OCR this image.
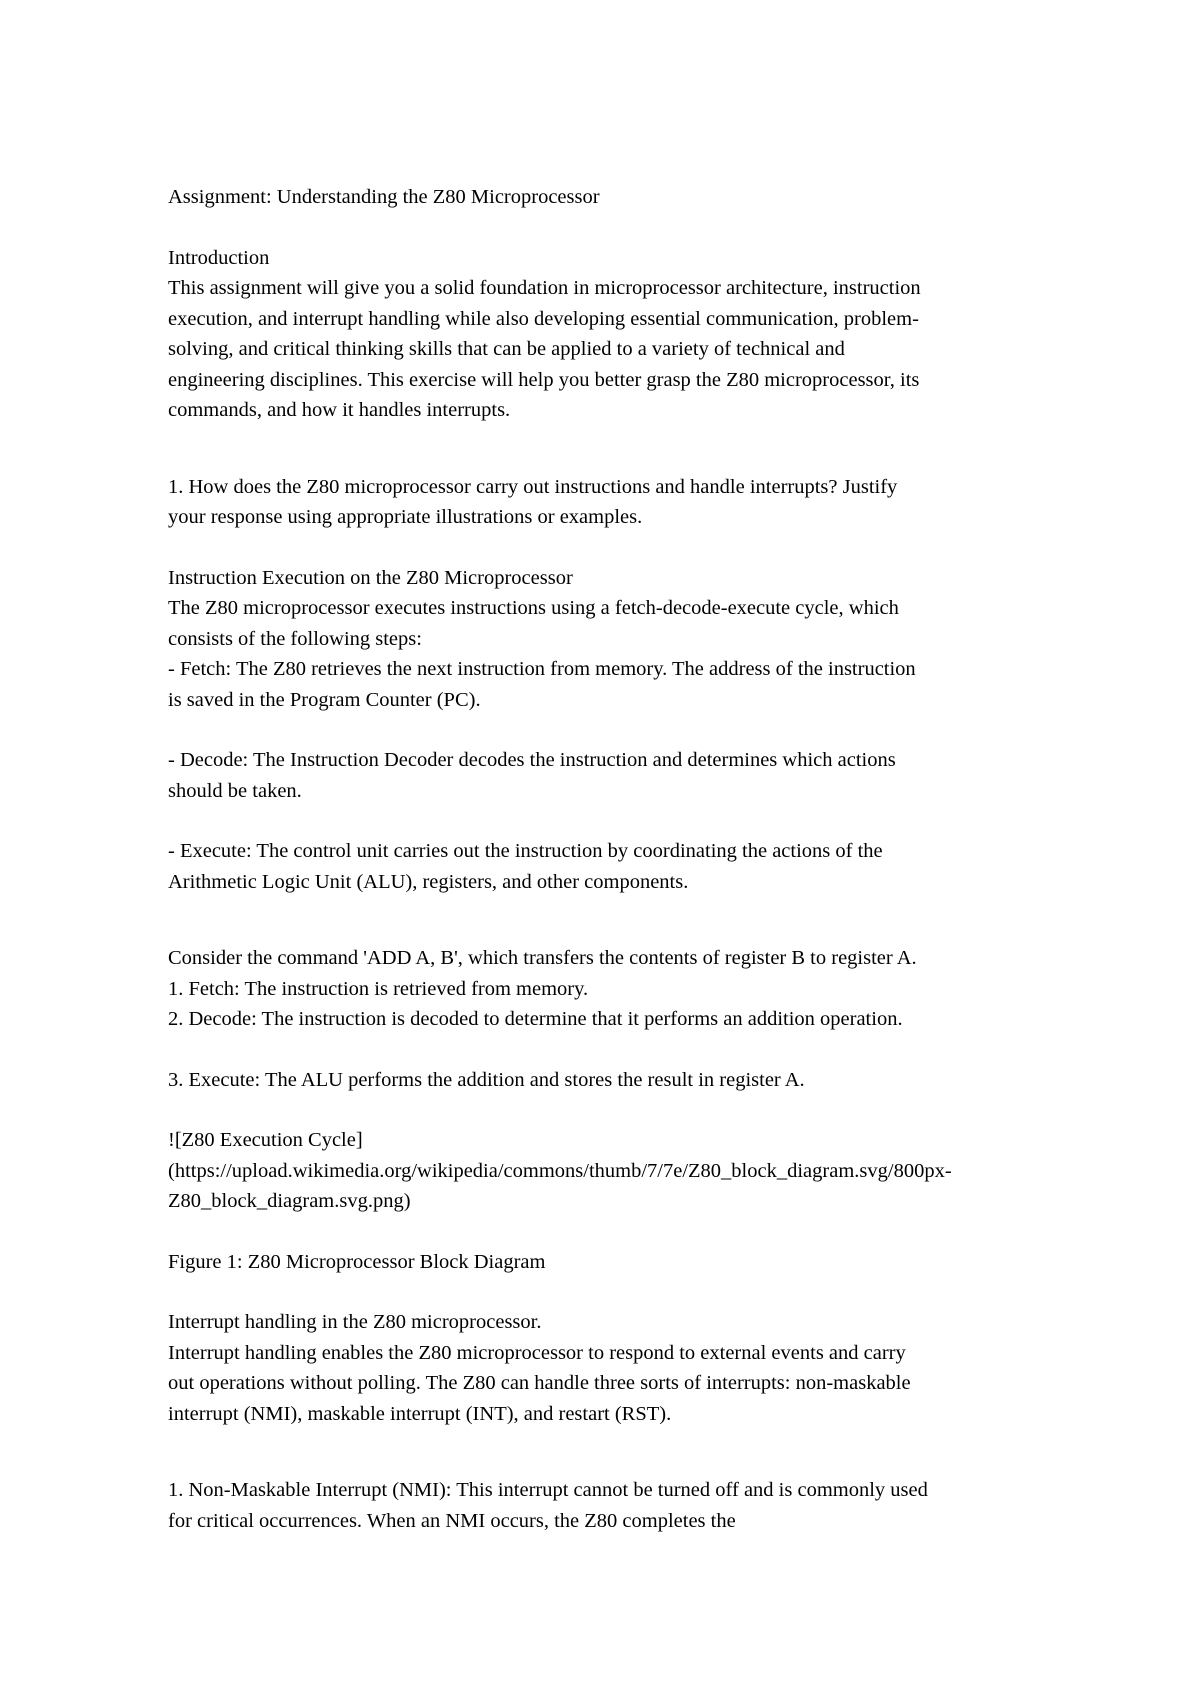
Assignment: Understanding the Z80 Microprocessor

Introduction

This assignment will give you a solid foundation in microprocessor architecture, instruction execution, and interrupt handling while also developing essential communication, problem-solving, and critical thinking skills that can be applied to a variety of technical and engineering disciplines. This exercise will help you better grasp the Z80 microprocessor, its commands, and how it handles interrupts.

1. How does the Z80 microprocessor carry out instructions and handle interrupts? Justify your response using appropriate illustrations or examples.

Instruction Execution on the Z80 Microprocessor

The Z80 microprocessor executes instructions using a fetch-decode-execute cycle, which consists of the following steps:

- Fetch: The Z80 retrieves the next instruction from memory. The address of the instruction is saved in the Program Counter (PC).

- Decode: The Instruction Decoder decodes the instruction and determines which actions should be taken.

- Execute: The control unit carries out the instruction by coordinating the actions of the Arithmetic Logic Unit (ALU), registers, and other components.

Consider the command 'ADD A, B', which transfers the contents of register B to register A.

1. Fetch: The instruction is retrieved from memory.

2. Decode: The instruction is decoded to determine that it performs an addition operation.

3. Execute: The ALU performs the addition and stores the result in register A.

![Z80 Execution Cycle](https://upload.wikimedia.org/wikipedia/commons/thumb/7/7e/Z80_block_diagram.svg/800px-Z80_block_diagram.svg.png)

Figure 1: Z80 Microprocessor Block Diagram

Interrupt handling in the Z80 microprocessor.

Interrupt handling enables the Z80 microprocessor to respond to external events and carry out operations without polling. The Z80 can handle three sorts of interrupts: non-maskable interrupt (NMI), maskable interrupt (INT), and restart (RST).

1. Non-Maskable Interrupt (NMI): This interrupt cannot be turned off and is commonly used for critical occurrences. When an NMI occurs, the Z80 completes the
